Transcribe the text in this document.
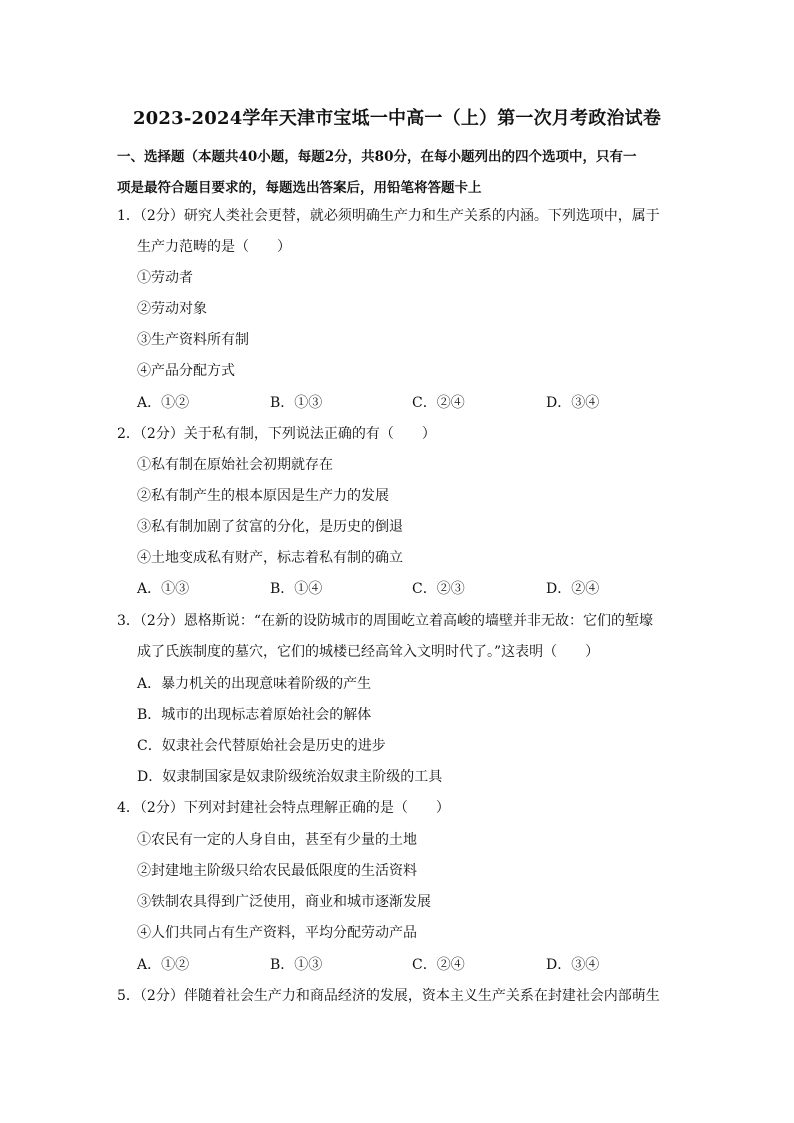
2023-2024学年天津市宝坻一中高一（上）第一次月考政治试卷
一、选择题（本题共40小题，每题2分，共80分，在每小题列出的四个选项中，只有一
项是最符合题目要求的，每题选出答案后，用铅笔将答题卡上
1．（2分）研究人类社会更替，就必须明确生产力和生产关系的内涵。下列选项中，属于
生产力范畴的是（　　）
①劳动者
②劳动对象
③生产资料所有制
④产品分配方式
A．①②	B．①③	C．②④	D．③④
2．（2分）关于私有制，下列说法正确的有（　　）
①私有制在原始社会初期就存在
②私有制产生的根本原因是生产力的发展
③私有制加剧了贫富的分化，是历史的倒退
④土地变成私有财产，标志着私有制的确立
A．①③	B．①④	C．②③	D．②④
3．（2分）恩格斯说：“在新的设防城市的周围屹立着高峻的墙壁并非无故：它们的堑壕
成了氏族制度的墓穴，它们的城楼已经高耸入文明时代了。”这表明（　　）
A．暴力机关的出现意味着阶级的产生
B．城市的出现标志着原始社会的解体
C．奴隶社会代替原始社会是历史的进步
D．奴隶制国家是奴隶阶级统治奴隶主阶级的工具
4．（2分）下列对封建社会特点理解正确的是（　　）
①农民有一定的人身自由，甚至有少量的土地
②封建地主阶级只给农民最低限度的生活资料
③铁制农具得到广泛使用，商业和城市逐渐发展
④人们共同占有生产资料，平均分配劳动产品
A．①②	B．①③	C．②④	D．③④
5．（2分）伴随着社会生产力和商品经济的发展，资本主义生产关系在封建社会内部萌生
